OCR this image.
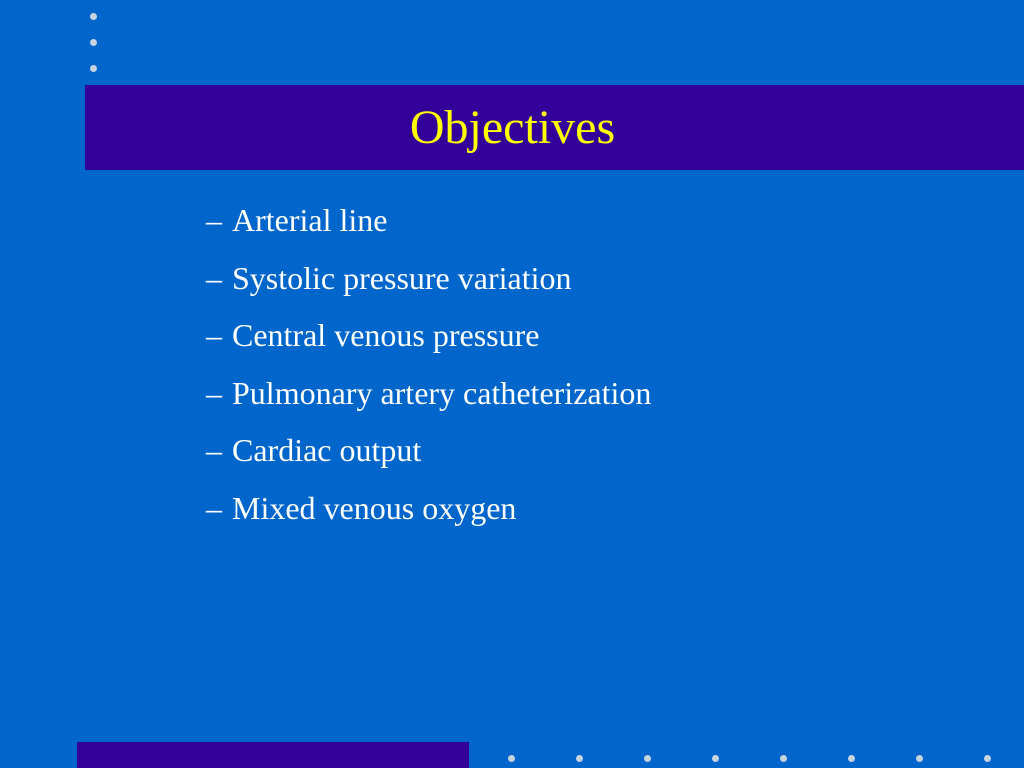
Objectives
– Arterial line
– Systolic pressure variation
– Central venous pressure
– Pulmonary artery catheterization
– Cardiac output
– Mixed venous oxygen
